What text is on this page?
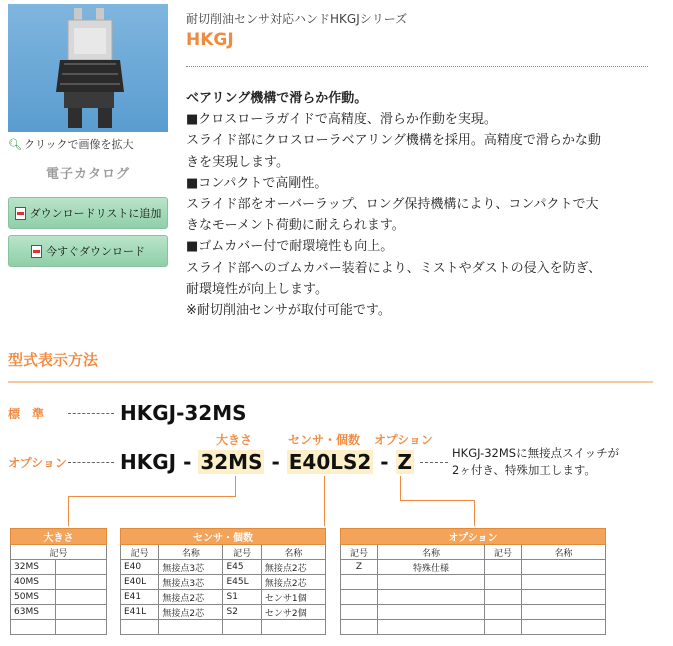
🔍︎ クリックで画像を拡大
電子カタログ
ダウンロードリストに追加
今すぐダウンロード
耐切削油センサ対応ハンドHKGJシリーズ
HKGJ
ベアリング機構で滑らか作動。
■クロスローラガイドで高精度、滑らか作動を実現。
スライド部にクロスローラベアリング機構を採用。高精度で滑らかな動
きを実現します。
■コンパクトで高剛性。
スライド部をオーバーラップ、ロング保持機構により、コンパクトで大
きなモーメント荷動に耐えられます。
■ゴムカバー付で耐環境性も向上。
スライド部へのゴムカバー装着により、ミストやダストの侵入を防ぎ、
耐環境性が向上します。
※耐切削油センサが取付可能です。
型式表示方法
標　準	HKGJ-32MS
大きさ	センサ・個数 オプション
オプション	HKGJ - 32MS - E40LS2 - Z	HKGJ-32MSに無接点スイッチが2ヶ付き、特殊加工します。
大きさ	
記号	
32MS	
40MS	
50MS	
63MS	

センサ・個数			
記号	名称	記号	名称
E40	無接点3芯	E45	無接点2芯
E40L	無接点3芯	E45L	無接点2芯
E41	無接点2芯	S1	センサ1個
E41L	無接点2芯	S2	センサ2個

オプション			
記号	名称	記号	名称
Z	特殊仕様		
